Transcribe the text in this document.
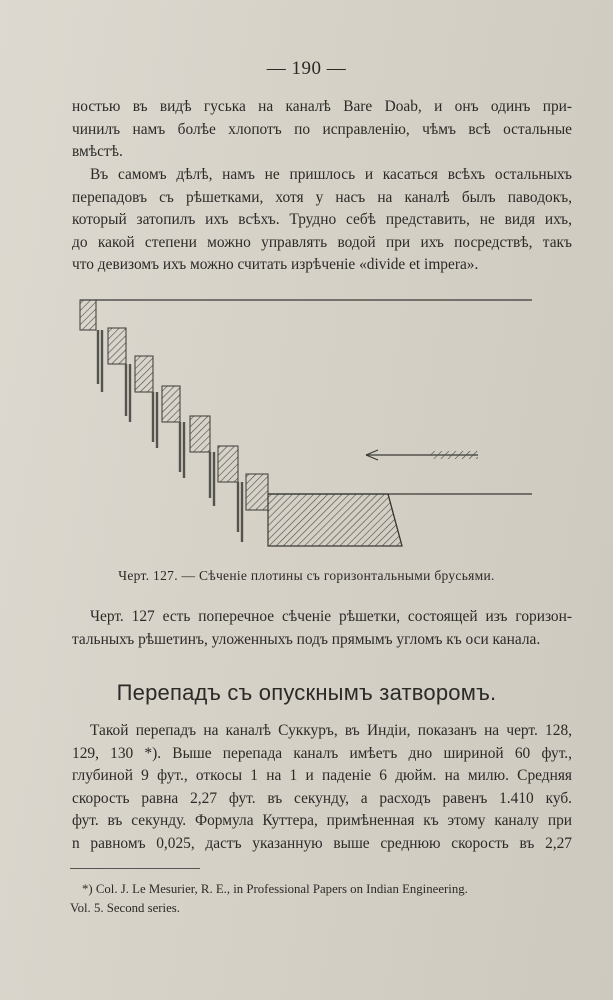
— 190 —
ностью въ видѣ гуська на каналѣ Bare Doab, и онъ одинъ при-
чинилъ намъ болѣе хлопотъ по исправленію, чѣмъ всѣ остальные
вмѣстѣ.
Въ самомъ дѣлѣ, намъ не пришлось и касаться всѣхъ остальныхъ
перепадовъ съ рѣшетками, хотя у насъ на каналѣ былъ паводокъ,
который затопилъ ихъ всѣхъ. Трудно себѣ представить, не видя ихъ,
до какой степени можно управлять водой при ихъ посредствѣ, такъ
что девизомъ ихъ можно считать изрѣченіе «divide et impera».
Черт. 127. — Сѣченіе плотины съ горизонтальными брусьями.
Черт. 127 есть поперечное сѣченіе рѣшетки, состоящей изъ горизон-
тальныхъ рѣшетинъ, уложенныхъ подъ прямымъ угломъ къ оси канала.
Перепадъ съ опускнымъ затворомъ.
Такой перепадъ на каналѣ Суккуръ, въ Индіи, показанъ на черт. 128,
129, 130 *). Выше перепада каналъ имѣетъ дно шириной 60 фут.,
глубиной 9 фут., откосы 1 на 1 и паденіе 6 дюйм. на милю. Средняя
скорость равна 2,27 фут. въ секунду, а расходъ равенъ 1.410 куб.
фут. въ секунду. Формула Куттера, примѣненная къ этому каналу при
n равномъ 0,025, дастъ указанную выше среднюю скорость въ 2,27
*) Col. J. Le Mesurier, R. E., in Professional Papers on Indian Engineering.
Vol. 5. Second series.
